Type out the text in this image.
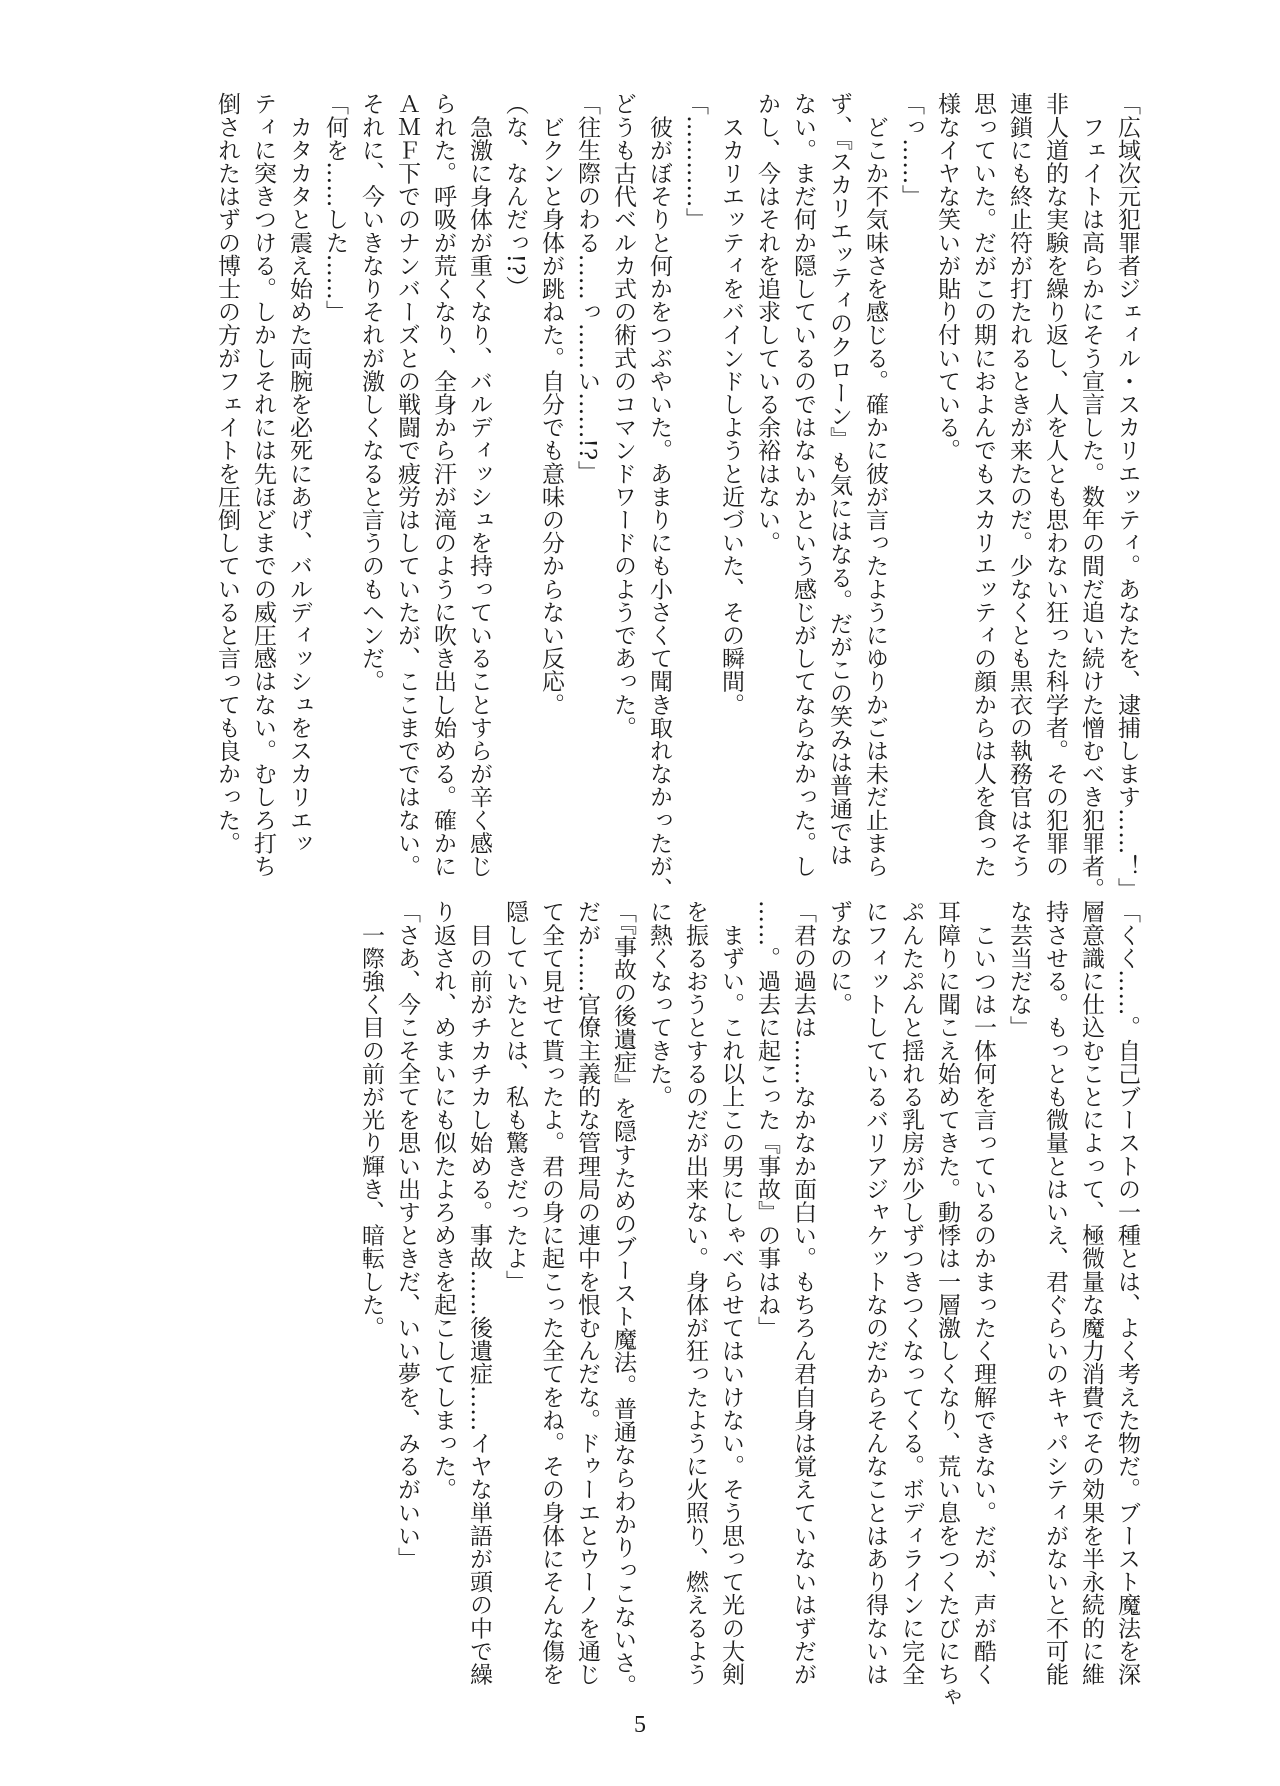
「広域次元犯罪者ジェィル・スカリエッティ。あなたを、逮捕します……！」

　フェイトは高らかにそう宣言した。数年の間だ追い続けた憎むべき犯罪者。

非人道的な実験を繰り返し、人を人とも思わない狂った科学者。その犯罪の

連鎖にも終止符が打たれるときが来たのだ。少なくとも黒衣の執務官はそう

思っていた。だがこの期におよんでもスカリエッティの顔からは人を食った

様なイヤな笑いが貼り付いている。

「っ……」

　どこか不気味さを感じる。確かに彼が言ったようにゆりかごは未だ止まら

ず、『スカリエッティのクローン』も気にはなる。だがこの笑みは普通では

ない。まだ何か隠しているのではないかという感じがしてならなかった。し

かし、今はそれを追求している余裕はない。

　スカリエッティをバインドしようと近づいた、その瞬間。

「…………」

　彼がぼそりと何かをつぶやいた。あまりにも小さくて聞き取れなかったが、

どうも古代ベルカ式の術式のコマンドワードのようであった。

「往生際のわる……っ……い……!?」

　ビクンと身体が跳ねた。自分でも意味の分からない反応。

（な、なんだっ!?）

　急激に身体が重くなり、バルディッシュを持っていることすらが辛く感じ

られた。呼吸が荒くなり、全身から汗が滝のように吹き出し始める。確かに

ＡＭＦ下でのナンバーズとの戦闘で疲労はしていたが、ここまでではない。

それに、今いきなりそれが激しくなると言うのもヘンだ。

「何を……した……」

　カタカタと震え始めた両腕を必死にあげ、バルディッシュをスカリエッ

ティに突きつける。しかしそれには先ほどまでの威圧感はない。むしろ打ち

倒されたはずの博士の方がフェイトを圧倒していると言っても良かった。

「くく……。自己ブーストの一種とは、よく考えた物だ。ブースト魔法を深

層意識に仕込むことによって、極微量な魔力消費でその効果を半永続的に維

持させる。もっとも微量とはいえ、君ぐらいのキャパシティがないと不可能

な芸当だな」

　こいつは一体何を言っているのかまったく理解できない。だが、声が酷く

耳障りに聞こえ始めてきた。動悸は一層激しくなり、荒い息をつくたびにちゃ

ぷんたぷんと揺れる乳房が少しずつきつくなってくる。ボディラインに完全

にフィットしているバリアジャケットなのだからそんなことはあり得ないは

ずなのに。

「君の過去は……なかなか面白い。もちろん君自身は覚えていないはずだが

……。過去に起こった『事故』の事はね」

　まずい。これ以上この男にしゃべらせてはいけない。そう思って光の大剣

を振るおうとするのだが出来ない。身体が狂ったように火照り、燃えるよう

に熱くなってきた。

「『事故の後遺症』を隠すためのブースト魔法。普通ならわかりっこないさ。

だが……官僚主義的な管理局の連中を恨むんだな。ドゥーエとウーノを通じ

て全て見せて貰ったよ。君の身に起こった全てをね。その身体にそんな傷を

隠していたとは、私も驚きだったよ」

　目の前がチカチカし始める。事故……後遺症……イヤな単語が頭の中で繰

り返され、めまいにも似たよろめきを起こしてしまった。

「さあ、今こそ全てを思い出すときだ、いい夢を、みるがいい」

　一際強く目の前が光り輝き、暗転した。

5
